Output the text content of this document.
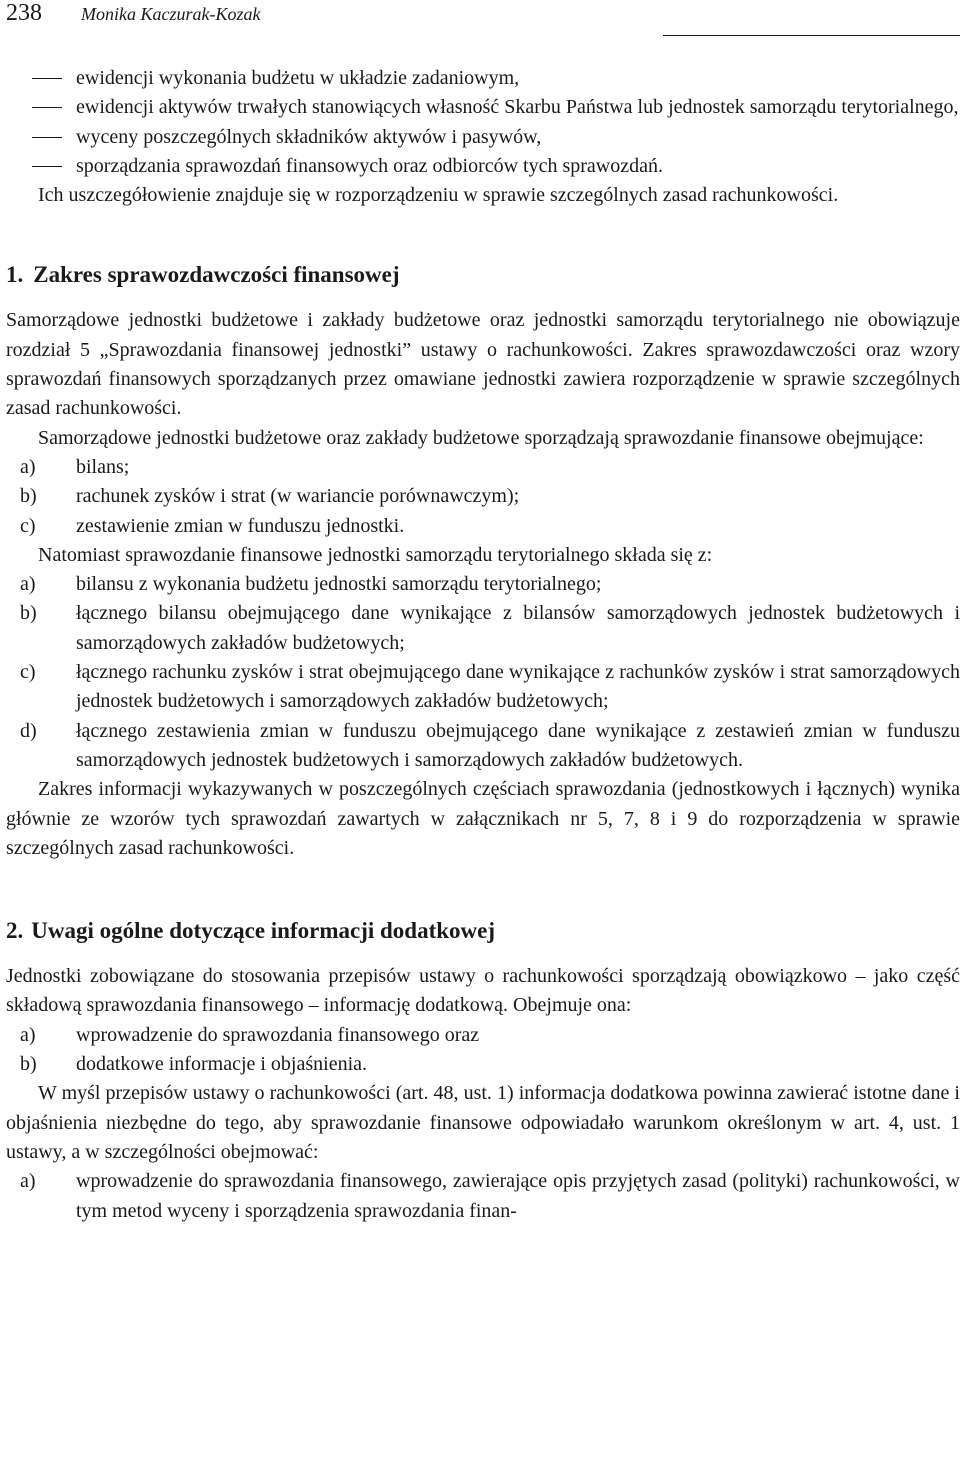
238 Monika Kaczurak-Kozak
ewidencji wykonania budżetu w układzie zadaniowym,
ewidencji aktywów trwałych stanowiących własność Skarbu Państwa lub jednostek samorządu terytorialnego,
wyceny poszczególnych składników aktywów i pasywów,
sporządzania sprawozdań finansowych oraz odbiorców tych sprawozdań.

Ich uszczegółowienie znajduje się w rozporządzeniu w sprawie szczególnych zasad rachunkowości.

1. Zakres sprawozdawczości finansowej

Samorządowe jednostki budżetowe i zakłady budżetowe oraz jednostki samorządu terytorialnego nie obowiązuje rozdział 5 „Sprawozdania finansowej jednostki” ustawy o rachunkowości. Zakres sprawozdawczości oraz wzory sprawozdań finansowych sporządzanych przez omawiane jednostki zawiera rozporządzenie w sprawie szczególnych zasad rachunkowości.

Samorządowe jednostki budżetowe oraz zakłady budżetowe sporządzają sprawozdanie finansowe obejmujące:

a) bilans;
b) rachunek zysków i strat (w wariancie porównawczym);
c) zestawienie zmian w funduszu jednostki.

Natomiast sprawozdanie finansowe jednostki samorządu terytorialnego składa się z:

a) bilansu z wykonania budżetu jednostki samorządu terytorialnego;
b) łącznego bilansu obejmującego dane wynikające z bilansów samorządowych jednostek budżetowych i samorządowych zakładów budżetowych;
c) łącznego rachunku zysków i strat obejmującego dane wynikające z rachunków zysków i strat samorządowych jednostek budżetowych i samorządowych zakładów budżetowych;
d) łącznego zestawienia zmian w funduszu obejmującego dane wynikające z zestawień zmian w funduszu samorządowych jednostek budżetowych i samorządowych zakładów budżetowych.

Zakres informacji wykazywanych w poszczególnych częściach sprawozdania (jednostkowych i łącznych) wynika głównie ze wzorów tych sprawozdań zawartych w załącznikach nr 5, 7, 8 i 9 do rozporządzenia w sprawie szczególnych zasad rachunkowości.

2. Uwagi ogólne dotyczące informacji dodatkowej

Jednostki zobowiązane do stosowania przepisów ustawy o rachunkowości sporządzają obowiązkowo – jako część składową sprawozdania finansowego – informację dodatkową. Obejmuje ona:

a) wprowadzenie do sprawozdania finansowego oraz
b) dodatkowe informacje i objaśnienia.

W myśl przepisów ustawy o rachunkowości (art. 48, ust. 1) informacja dodatkowa powinna zawierać istotne dane i objaśnienia niezbędne do tego, aby sprawozdanie finansowe odpowiadało warunkom określonym w art. 4, ust. 1 ustawy, a w szczególności obejmować:

a) wprowadzenie do sprawozdania finansowego, zawierające opis przyjętych zasad (polityki) rachunkowości, w tym metod wyceny i sporządzenia sprawozdania finan-
